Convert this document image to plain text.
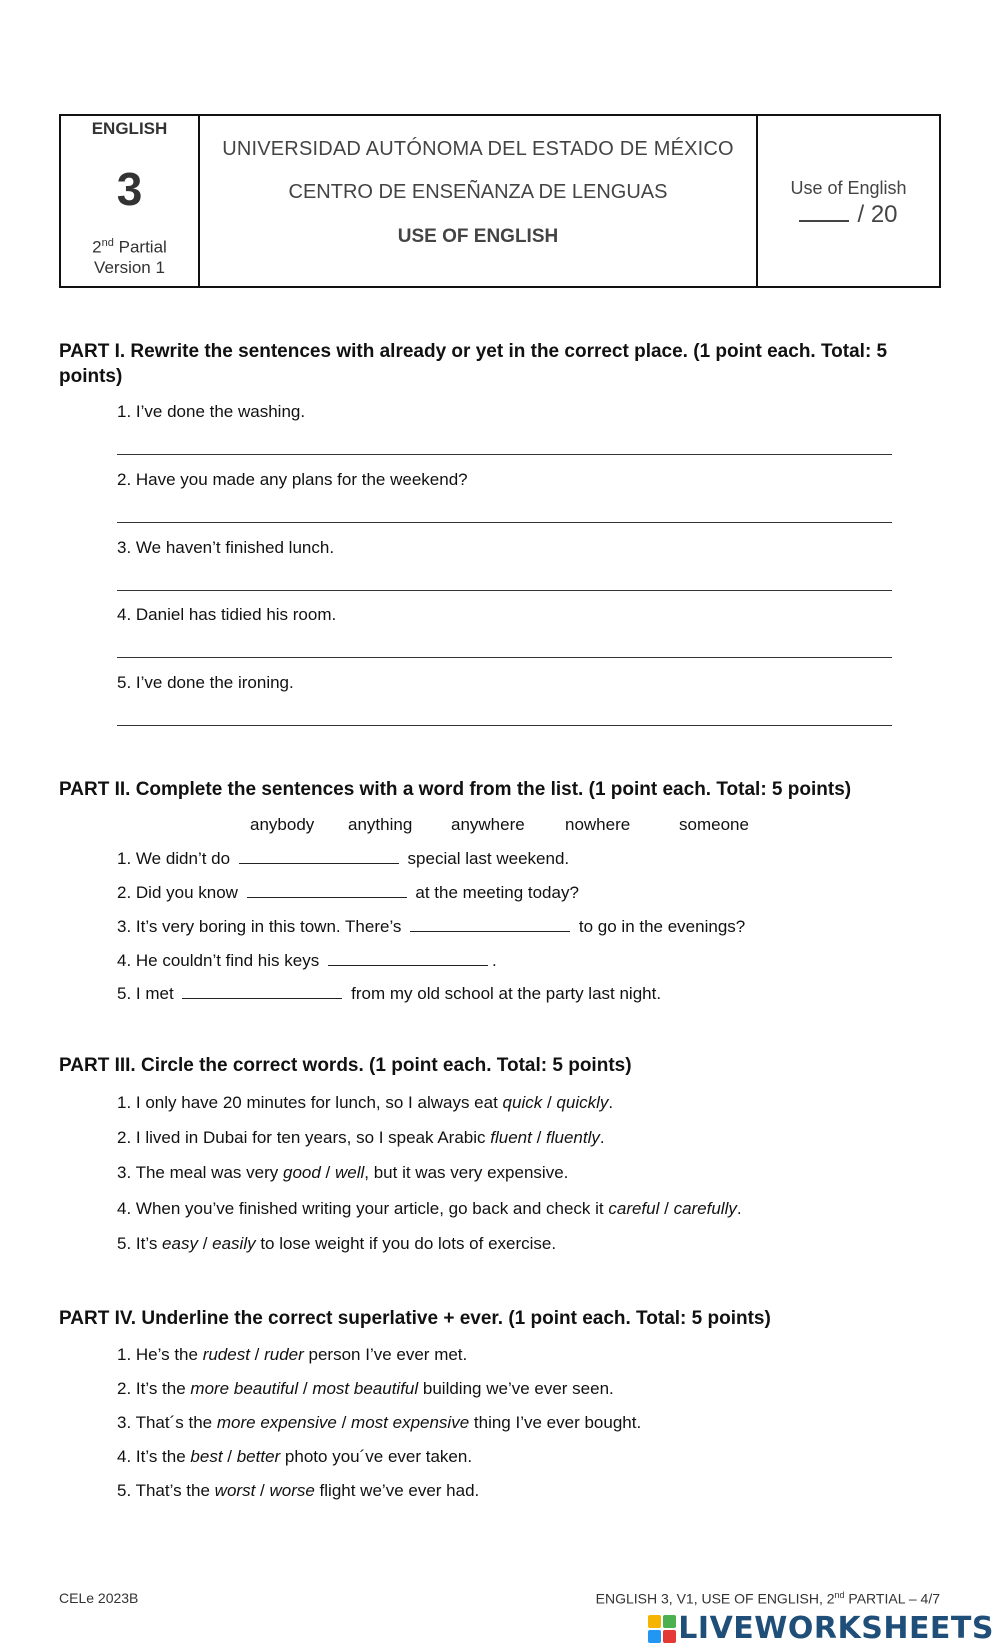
ENGLISH
3
2nd Partial
Version 1
UNIVERSIDAD AUTÓNOMA DEL ESTADO DE MÉXICO
CENTRO DE ENSEÑANZA DE LENGUAS
USE OF ENGLISH
Use of English
/ 20
PART I. Rewrite the sentences with already or yet in the correct place. (1 point each. Total: 5 points)
1. I’ve done the washing.
2. Have you made any plans for the weekend?
3. We haven’t finished lunch.
4. Daniel has tidied his room.
5. I’ve done the ironing.
PART II. Complete the sentences with a word from the list. (1 point each. Total: 5 points)
anybody anything anywhere nowhere	someone
1. We didn’t do	special last weekend.
2. Did you know	at the meeting today?
3. It’s very boring in this town. There’s	to go in the evenings?
4. He couldn’t find his keys	.
5. I met	from my old school at the party last night.
PART III. Circle the correct words. (1 point each. Total: 5 points)
1. I only have 20 minutes for lunch, so I always eat quick / quickly.
2. I lived in Dubai for ten years, so I speak Arabic fluent / fluently.
3. The meal was very good / well, but it was very expensive.
4. When you’ve finished writing your article, go back and check it careful / carefully.
5. It’s easy / easily to lose weight if you do lots of exercise.
PART IV. Underline the correct superlative + ever. (1 point each. Total: 5 points)
1. He’s the rudest / ruder person I’ve ever met.
2. It’s the more beautiful / most beautiful building we’ve ever seen.
3. That´s the more expensive / most expensive thing I’ve ever bought.
4. It’s the best / better photo you´ve ever taken.
5. That’s the worst / worse flight we’ve ever had.
CELe 2023B	ENGLISH 3, V1, USE OF ENGLISH, 2nd PARTIAL – 4/7
LIVEWORKSHEETS
